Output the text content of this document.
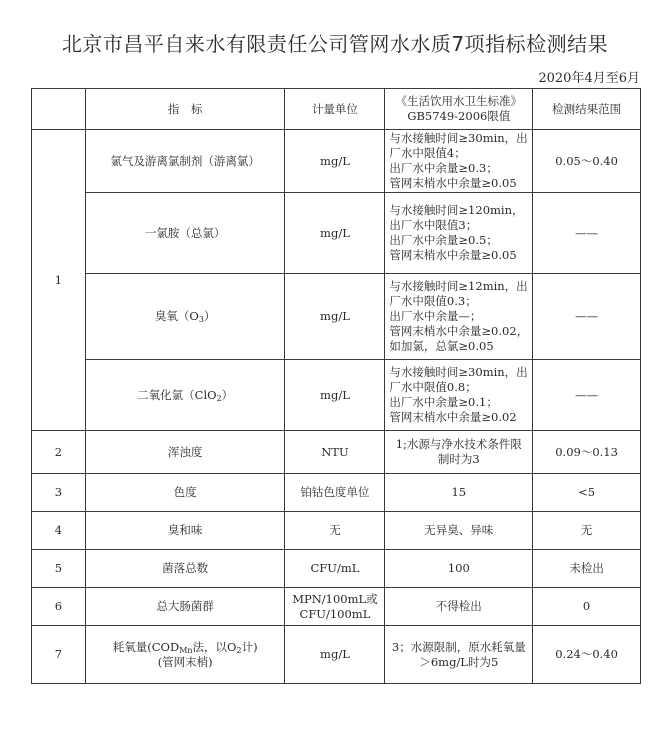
北京市昌平自来水有限责任公司管网水水质7项指标检测结果
2020年4月至6月
	指　标	计量单位	《生活饮用水卫生标准》
GB5749-2006限值	检测结果范围
1	氯气及游离氯制剂（游离氯）	mg/L	与水接触时间≥30min，出
厂水中限值4；
出厂水中余量≥0.3；
管网末梢水中余量≥0.05	0.05～0.40
	一氯胺（总氯）	mg/L	与水接触时间≥120min，
出厂水中限值3；
出厂水中余量≥0.5；
管网末梢水中余量≥0.05	——
	臭氧$(O_3)$	mg/L	与水接触时间≥12min，出
厂水中限值0.3；
出厂水中余量—；
管网末梢水中余量≥0.02，
如加氯，总氯≥0.05	——
	二氧化氯（ClO$_2$）	mg/L	与水接触时间≥30min，出
厂水中限值0.8；
出厂水中余量≥0.1；
管网末梢水中余量≥0.02	——
2	浑浊度	NTU	1;水源与净水技术条件限制时为3	0.09～0.13
3	色度	铂钴色度单位	15	<5
4	臭和味	无	无异臭、异味	无
5	菌落总数	CFU/mL	100	未检出
6	总大肠菌群	MPN/100mL或CFU/100mL	不得检出	0
7	耗氧量($COD_{Mn}$法，以$O_2$计)
(管网末梢)	mg/L	3；水源限制，原水耗氧量＞6mg/L时为5	0.24～0.40
